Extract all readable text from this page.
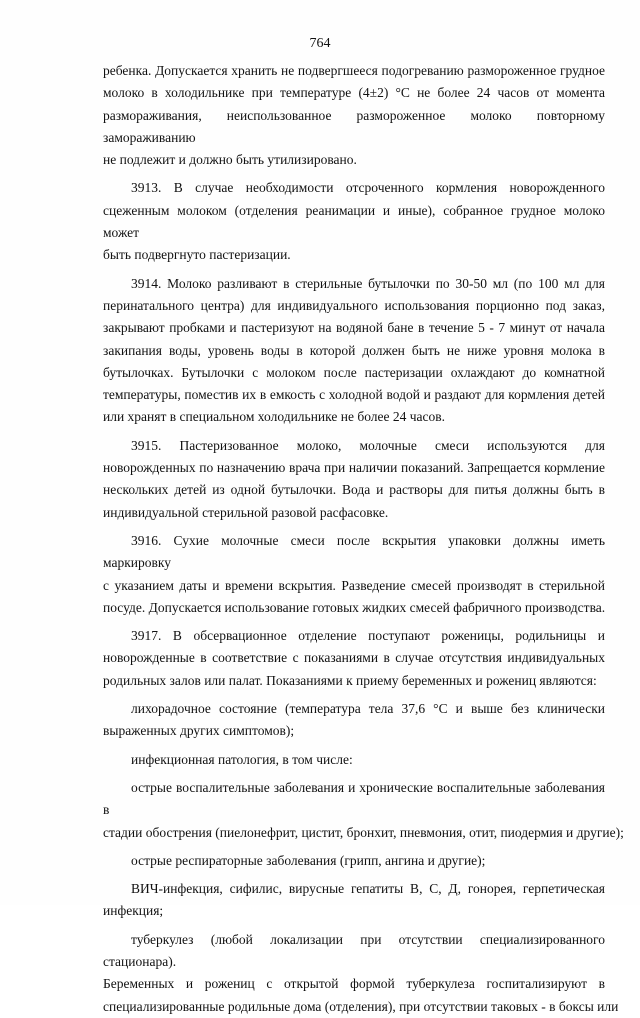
764
ребенка. Допускается хранить не подвергшееся подогреванию размороженное грудное
молоко в холодильнике при температуре (4±2) °С не более 24 часов от момента
размораживания, неиспользованное размороженное молоко повторному замораживанию
не подлежит и должно быть утилизировано.
3913. В случае необходимости отсроченного кормления новорожденного
сцеженным молоком (отделения реанимации и иные), собранное грудное молоко может
быть подвергнуто пастеризации.
3914. Молоко разливают в стерильные бутылочки по 30-50 мл (по 100 мл для
перинатального центра) для индивидуального использования порционно под заказ,
закрывают пробками и пастеризуют на водяной бане в течение 5 - 7 минут от начала
закипания воды, уровень воды в которой должен быть не ниже уровня молока в
бутылочках. Бутылочки с молоком после пастеризации охлаждают до комнатной
температуры, поместив их в емкость с холодной водой и раздают для кормления детей
или хранят в специальном холодильнике не более 24 часов.
3915. Пастеризованное молоко, молочные смеси используются для
новорожденных по назначению врача при наличии показаний. Запрещается кормление
нескольких детей из одной бутылочки. Вода и растворы для питья должны быть в
индивидуальной стерильной разовой расфасовке.
3916. Сухие молочные смеси после вскрытия упаковки должны иметь маркировку
с указанием даты и времени вскрытия. Разведение смесей производят в стерильной
посуде. Допускается использование готовых жидких смесей фабричного производства.
3917. В обсервационное отделение поступают роженицы, родильницы и
новорожденные в соответствие с показаниями в случае отсутствия индивидуальных
родильных залов или палат. Показаниями к приему беременных и рожениц являются:
лихорадочное состояние (температура тела 37,6 °С и выше без клинически
выраженных других симптомов);
инфекционная патология, в том числе:
острые воспалительные заболевания и хронические воспалительные заболевания в
стадии обострения (пиелонефрит, цистит, бронхит, пневмония, отит, пиодермия и другие);
острые респираторные заболевания (грипп, ангина и другие);
ВИЧ-инфекция, сифилис, вирусные гепатиты В, С, Д, гонорея, герпетическая
инфекция;
туберкулез (любой локализации при отсутствии специализированного стационара).
Беременных и рожениц с открытой формой туберкулеза госпитализируют в
специализированные родильные дома (отделения), при отсутствии таковых - в боксы или
